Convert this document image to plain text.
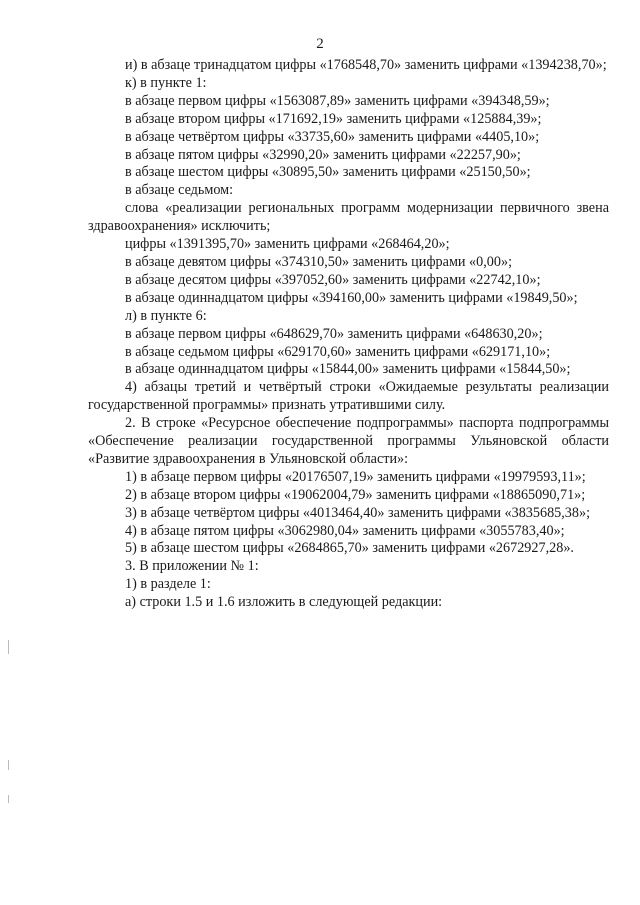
2

и) в абзаце тринадцатом цифры «1768548,70» заменить цифрами «1394238,70»;

к) в пункте 1:

в абзаце первом цифры «1563087,89» заменить цифрами «394348,59»;

в абзаце втором цифры «171692,19» заменить цифрами «125884,39»;

в абзаце четвёртом цифры «33735,60» заменить цифрами «4405,10»;

в абзаце пятом цифры «32990,20» заменить цифрами «22257,90»;

в абзаце шестом цифры «30895,50» заменить цифрами «25150,50»;

в абзаце седьмом:

слова «реализации региональных программ модернизации первичного звена здравоохранения» исключить;

цифры «1391395,70» заменить цифрами «268464,20»;

в абзаце девятом цифры «374310,50» заменить цифрами «0,00»;

в абзаце десятом цифры «397052,60» заменить цифрами «22742,10»;

в абзаце одиннадцатом цифры «394160,00» заменить цифрами «19849,50»;

л) в пункте 6:

в абзаце первом цифры «648629,70» заменить цифрами «648630,20»;

в абзаце седьмом цифры «629170,60» заменить цифрами «629171,10»;

в абзаце одиннадцатом цифры «15844,00» заменить цифрами «15844,50»;

4) абзацы третий и четвёртый строки «Ожидаемые результаты реализации государственной программы» признать утратившими силу.

2. В строке «Ресурсное обеспечение подпрограммы» паспорта подпрограммы «Обеспечение реализации государственной программы Ульяновской области «Развитие здравоохранения в Ульяновской области»:

1) в абзаце первом цифры «20176507,19» заменить цифрами «19979593,11»;

2) в абзаце втором цифры «19062004,79» заменить цифрами «18865090,71»;

3) в абзаце четвёртом цифры «4013464,40» заменить цифрами «3835685,38»;

4) в абзаце пятом цифры «3062980,04» заменить цифрами «3055783,40»;

5) в абзаце шестом цифры «2684865,70» заменить цифрами «2672927,28».

3. В приложении № 1:

1) в разделе 1:

а) строки 1.5 и 1.6 изложить в следующей редакции:
